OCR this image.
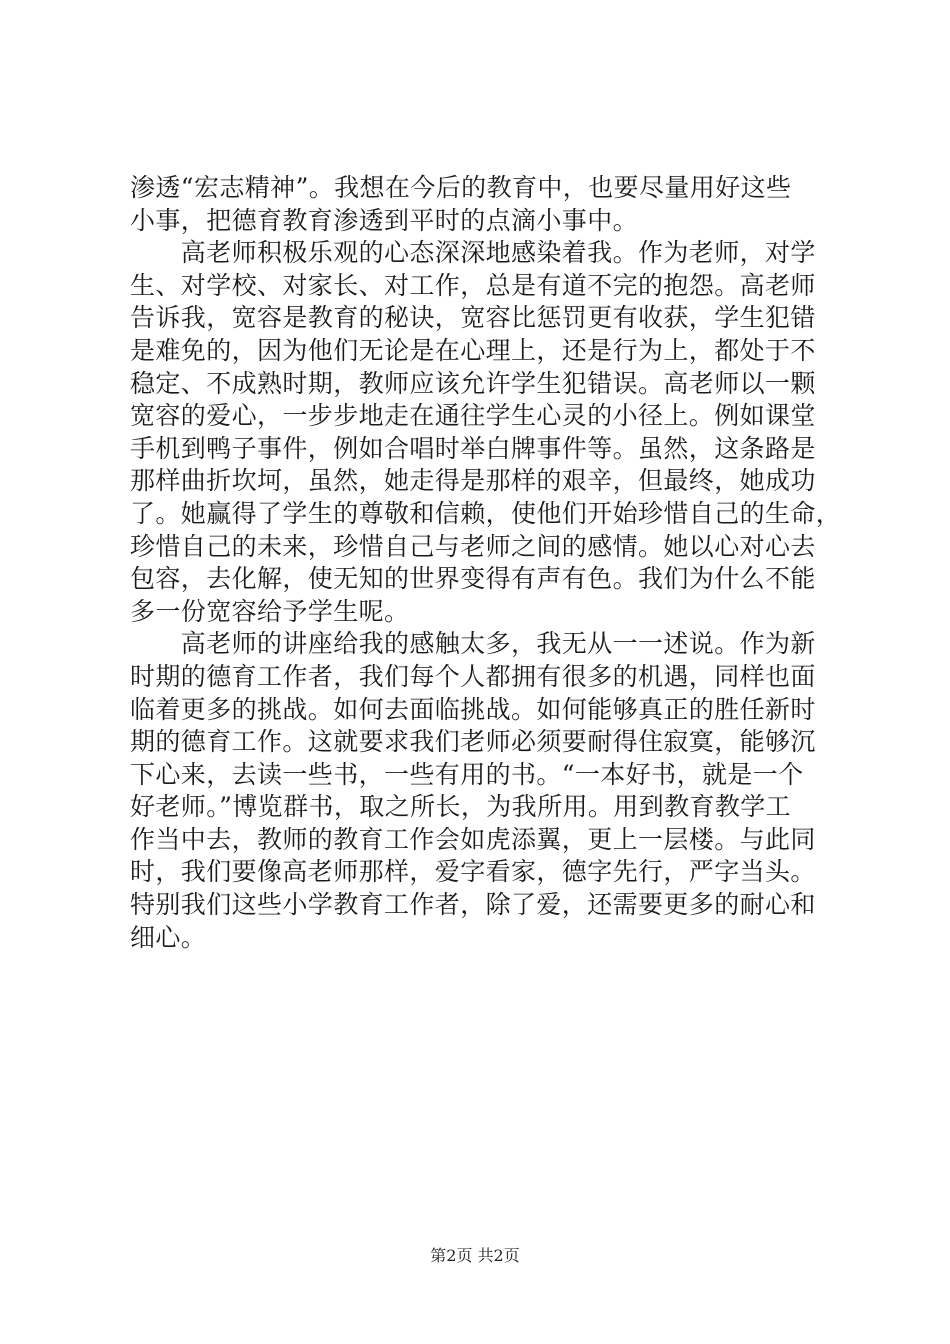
渗透“宏志精神”。我想在今后的教育中，也要尽量用好这些
小事，把德育教育渗透到平时的点滴小事中。
　　高老师积极乐观的心态深深地感染着我。作为老师，对学
生、对学校、对家长、对工作，总是有道不完的抱怨。高老师
告诉我，宽容是教育的秘诀，宽容比惩罚更有收获，学生犯错
是难免的，因为他们无论是在心理上，还是行为上，都处于不
稳定、不成熟时期，教师应该允许学生犯错误。高老师以一颗
宽容的爱心，一步步地走在通往学生心灵的小径上。例如课堂
手机到鸭子事件，例如合唱时举白牌事件等。虽然，这条路是
那样曲折坎坷，虽然，她走得是那样的艰辛，但最终，她成功
了。她赢得了学生的尊敬和信赖，使他们开始珍惜自己的生命，
珍惜自己的未来，珍惜自己与老师之间的感情。她以心对心去
包容，去化解，使无知的世界变得有声有色。我们为什么不能
多一份宽容给予学生呢。
　　高老师的讲座给我的感触太多，我无从一一述说。作为新
时期的德育工作者，我们每个人都拥有很多的机遇，同样也面
临着更多的挑战。如何去面临挑战。如何能够真正的胜任新时
期的德育工作。这就要求我们老师必须要耐得住寂寞，能够沉
下心来，去读一些书，一些有用的书。“一本好书，就是一个
好老师。”博览群书，取之所长，为我所用。用到教育教学工
作当中去，教师的教育工作会如虎添翼，更上一层楼。与此同
时，我们要像高老师那样，爱字看家，德字先行，严字当头。
特别我们这些小学教育工作者，除了爱，还需要更多的耐心和
细心。
第2页 共2页
